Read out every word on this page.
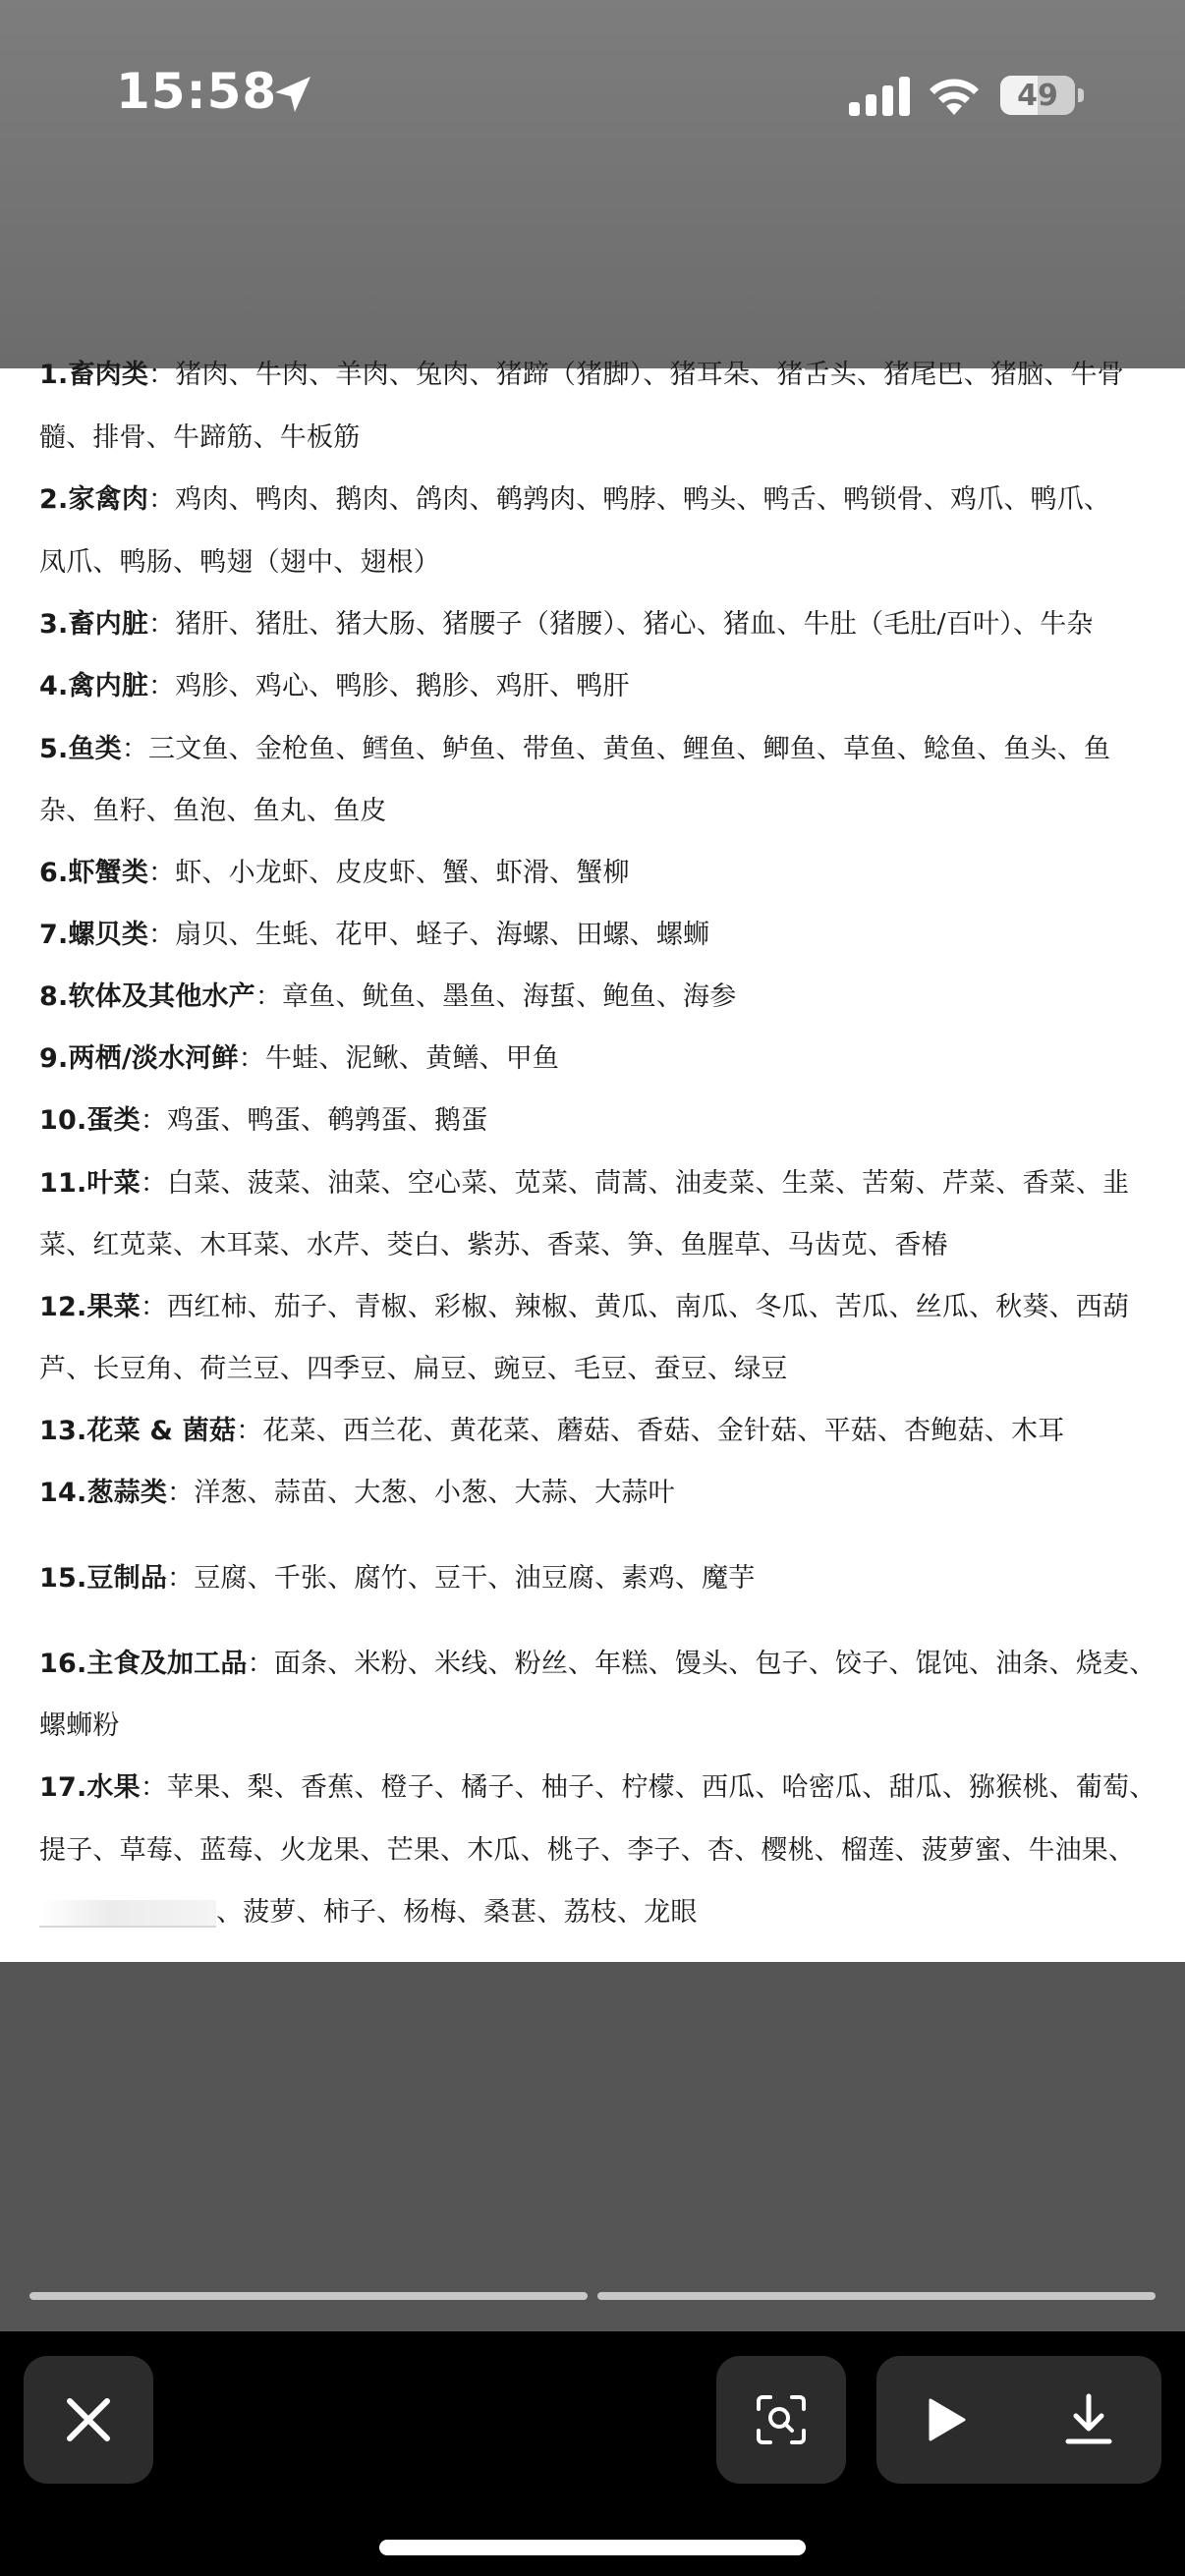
15:58	49
1.畜肉类：猪肉、牛肉、羊肉、兔肉、猪蹄（猪脚）、猪耳朵、猪舌头、猪尾巴、猪脑、牛骨
髓、排骨、牛蹄筋、牛板筋
2.家禽肉：鸡肉、鸭肉、鹅肉、鸽肉、鹌鹑肉、鸭脖、鸭头、鸭舌、鸭锁骨、鸡爪、鸭爪、
凤爪、鸭肠、鸭翅（翅中、翅根）
3.畜内脏：猪肝、猪肚、猪大肠、猪腰子（猪腰）、猪心、猪血、牛肚（毛肚/百叶）、牛杂
4.禽内脏：鸡胗、鸡心、鸭胗、鹅胗、鸡肝、鸭肝
5.鱼类：三文鱼、金枪鱼、鳕鱼、鲈鱼、带鱼、黄鱼、鲤鱼、鲫鱼、草鱼、鲶鱼、鱼头、鱼
杂、鱼籽、鱼泡、鱼丸、鱼皮
6.虾蟹类：虾、小龙虾、皮皮虾、蟹、虾滑、蟹柳
7.螺贝类：扇贝、生蚝、花甲、蛏子、海螺、田螺、螺蛳
8.软体及其他水产：章鱼、鱿鱼、墨鱼、海蜇、鲍鱼、海参
9.两栖/淡水河鲜：牛蛙、泥鳅、黄鳝、甲鱼
10.蛋类：鸡蛋、鸭蛋、鹌鹑蛋、鹅蛋
11.叶菜：白菜、菠菜、油菜、空心菜、苋菜、茼蒿、油麦菜、生菜、苦菊、芹菜、香菜、韭
菜、红苋菜、木耳菜、水芹、茭白、紫苏、香菜、笋、鱼腥草、马齿苋、香椿
12.果菜：西红柿、茄子、青椒、彩椒、辣椒、黄瓜、南瓜、冬瓜、苦瓜、丝瓜、秋葵、西葫
芦、长豆角、荷兰豆、四季豆、扁豆、豌豆、毛豆、蚕豆、绿豆
13.花菜 & 菌菇：花菜、西兰花、黄花菜、蘑菇、香菇、金针菇、平菇、杏鲍菇、木耳
14.葱蒜类：洋葱、蒜苗、大葱、小葱、大蒜、大蒜叶
15.豆制品：豆腐、千张、腐竹、豆干、油豆腐、素鸡、魔芋
16.主食及加工品：面条、米粉、米线、粉丝、年糕、馒头、包子、饺子、馄饨、油条、烧麦、
螺蛳粉
17.水果：苹果、梨、香蕉、橙子、橘子、柚子、柠檬、西瓜、哈密瓜、甜瓜、猕猴桃、葡萄、
提子、草莓、蓝莓、火龙果、芒果、木瓜、桃子、李子、杏、樱桃、榴莲、菠萝蜜、牛油果、
、菠萝、柿子、杨梅、桑葚、荔枝、龙眼
